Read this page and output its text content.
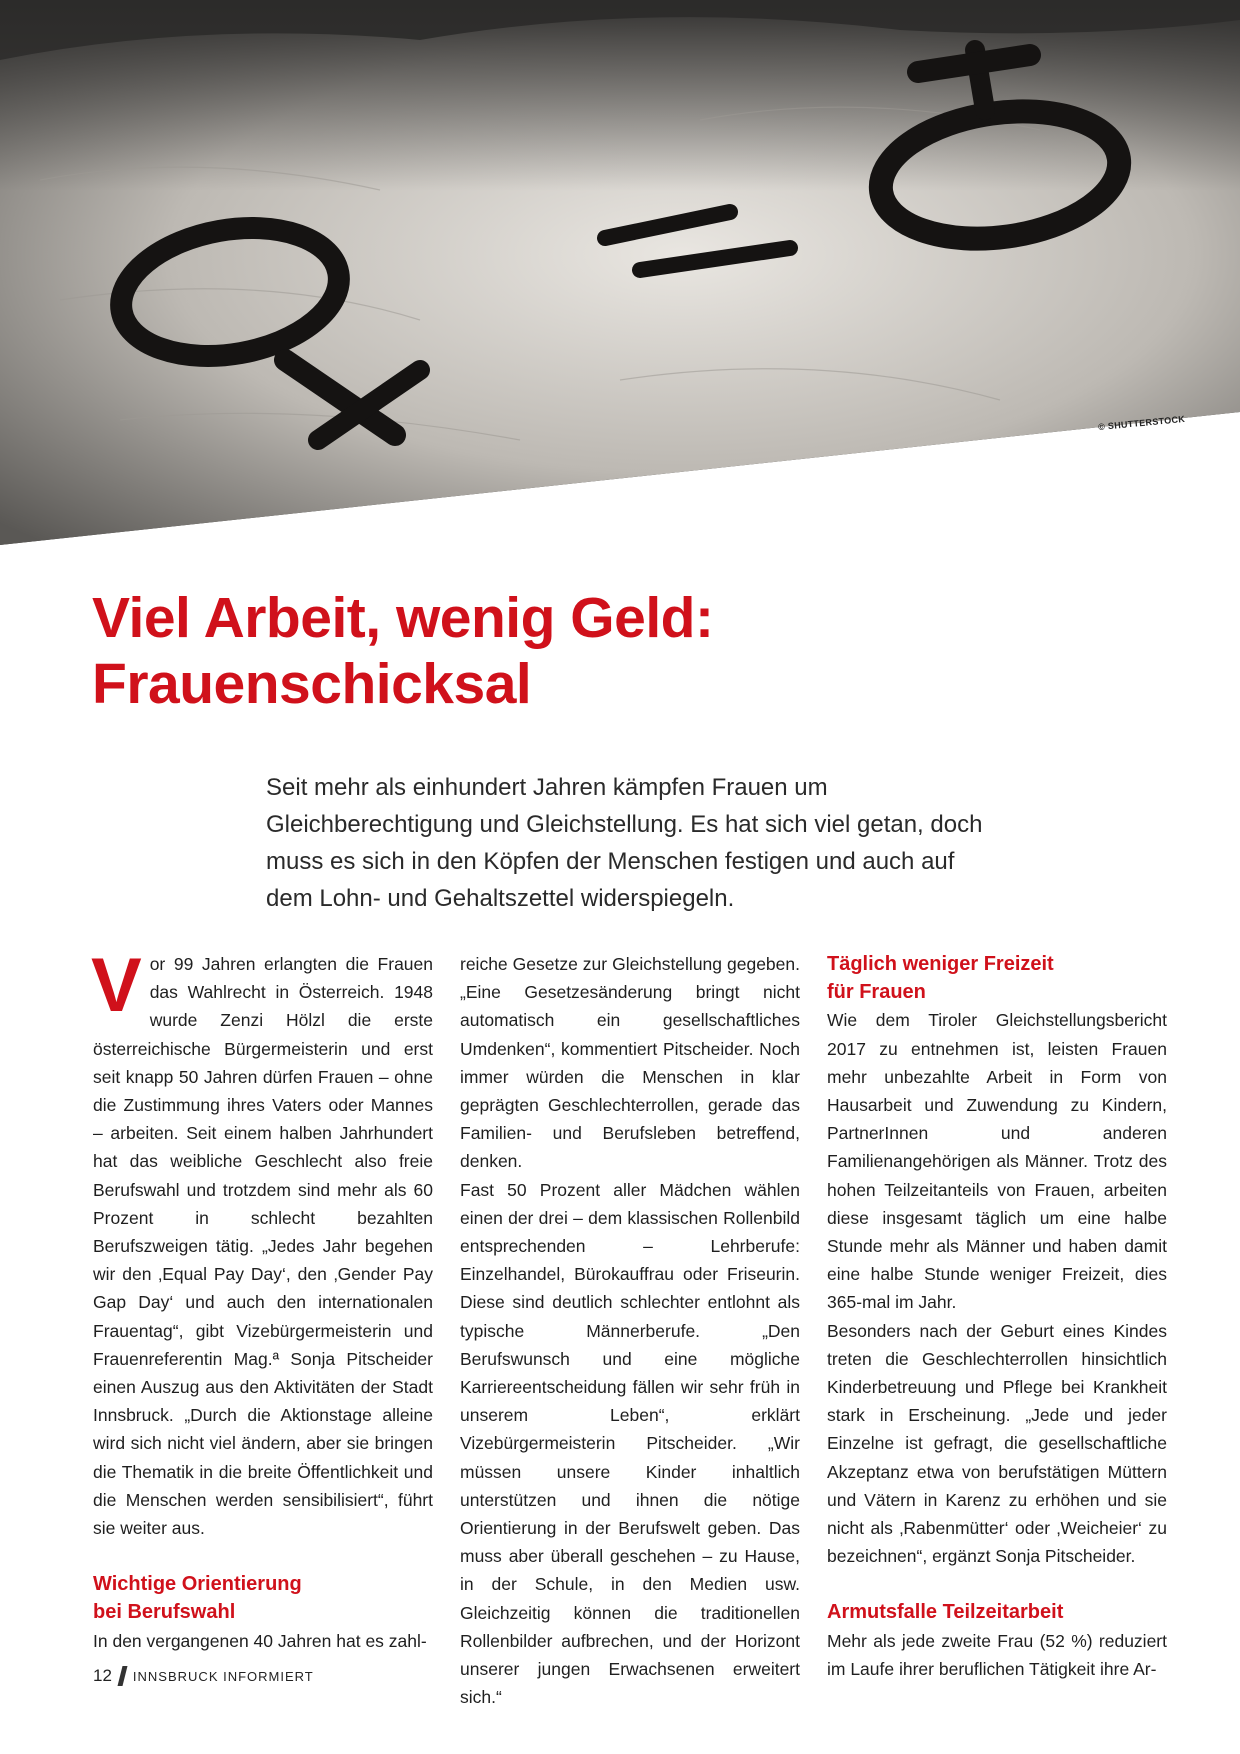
© SHUTTERSTOCK
Viel Arbeit, wenig Geld:
Frauenschicksal

Seit mehr als einhundert Jahren kämpfen Frauen um Gleichberechtigung und Gleichstellung. Es hat sich viel getan, doch muss es sich in den Köpfen der Menschen festigen und auch auf dem Lohn- und Gehaltszettel widerspiegeln.

V or 99 Jahren erlangten die Frauen das Wahlrecht in Österreich. 1948 wurde Zenzi Hölzl die erste österreichische Bürgermeisterin und erst seit knapp 50 Jahren dürfen Frauen – ohne die Zustimmung ihres Vaters oder Mannes – arbeiten. Seit einem halben Jahrhundert hat das weibliche Geschlecht also freie Berufswahl und trotzdem sind mehr als 60 Prozent in schlecht bezahlten Berufszweigen tätig. „Jedes Jahr begehen wir den ‚Equal Pay Day‘, den ‚Gender Pay Gap Day‘ und auch den internationalen Frauentag“, gibt Vizebürgermeisterin und Frauenreferentin Mag.ª Sonja Pitscheider einen Auszug aus den Aktivitäten der Stadt Innsbruck. „Durch die Aktionstage alleine wird sich nicht viel ändern, aber sie bringen die Thematik in die breite Öffentlichkeit und die Menschen werden sensibilisiert“, führt sie weiter aus.

Wichtige Orientierung
bei Berufswahl

In den vergangenen 40 Jahren hat es zahl-

reiche Gesetze zur Gleichstellung gegeben. „Eine Gesetzesänderung bringt nicht automatisch ein gesellschaftliches Umdenken“, kommentiert Pitscheider. Noch immer würden die Menschen in klar geprägten Geschlechterrollen, gerade das Familien- und Berufsleben betreffend, denken.

Fast 50 Prozent aller Mädchen wählen einen der drei – dem klassischen Rollenbild entsprechenden – Lehrberufe: Einzelhandel, Bürokauffrau oder Friseurin. Diese sind deutlich schlechter entlohnt als typische Männerberufe. „Den Berufswunsch und eine mögliche Karriereentscheidung fällen wir sehr früh in unserem Leben“, erklärt Vizebürgermeisterin Pitscheider. „Wir müssen unsere Kinder inhaltlich unterstützen und ihnen die nötige Orientierung in der Berufswelt geben. Das muss aber überall geschehen – zu Hause, in der Schule, in den Medien usw. Gleichzeitig können die traditionellen Rollenbilder aufbrechen, und der Horizont unserer jungen Erwachsenen erweitert sich.“

Täglich weniger Freizeit
für Frauen

Wie dem Tiroler Gleichstellungsbericht 2017 zu entnehmen ist, leisten Frauen mehr unbezahlte Arbeit in Form von Hausarbeit und Zuwendung zu Kindern, PartnerInnen und anderen Familienangehörigen als Männer. Trotz des hohen Teilzeitanteils von Frauen, arbeiten diese insgesamt täglich um eine halbe Stunde mehr als Männer und haben damit eine halbe Stunde weniger Freizeit, dies 365-mal im Jahr.

Besonders nach der Geburt eines Kindes treten die Geschlechterrollen hinsichtlich Kinderbetreuung und Pflege bei Krankheit stark in Erscheinung. „Jede und jeder Einzelne ist gefragt, die gesellschaftliche Akzeptanz etwa von berufstätigen Müttern und Vätern in Karenz zu erhöhen und sie nicht als ‚Rabenmütter‘ oder ‚Weicheier‘ zu bezeichnen“, ergänzt Sonja Pitscheider.

Armutsfalle Teilzeitarbeit

Mehr als jede zweite Frau (52 %) reduziert im Laufe ihrer beruflichen Tätigkeit ihre Ar-

12 INNSBRUCK INFORMIERT
